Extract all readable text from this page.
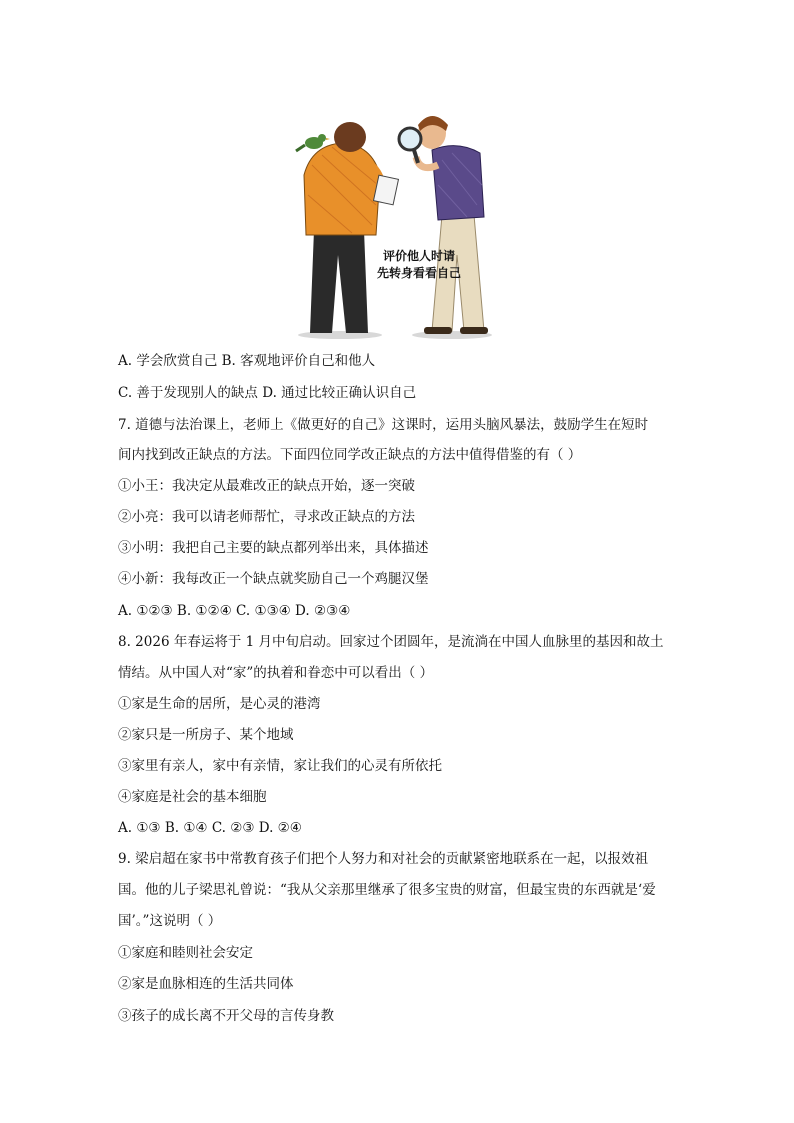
评价他人时请
先转身看看自己
A. 学会欣赏自己 B. 客观地评价自己和他人
C. 善于发现别人的缺点 D. 通过比较正确认识自己
7. 道德与法治课上，老师上《做更好的自己》这课时，运用头脑风暴法，鼓励学生在短时
间内找到改正缺点的方法。下面四位同学改正缺点的方法中值得借鉴的有（ ）
①小王：我决定从最难改正的缺点开始，逐一突破
②小亮：我可以请老师帮忙，寻求改正缺点的方法
③小明：我把自己主要的缺点都列举出来，具体描述
④小新：我每改正一个缺点就奖励自己一个鸡腿汉堡
A. ①②③ B. ①②④ C. ①③④ D. ②③④
8. 2026 年春运将于 1 月中旬启动。回家过个团圆年，是流淌在中国人血脉里的基因和故土
情结。从中国人对“家”的执着和眷恋中可以看出（ ）
①家是生命的居所，是心灵的港湾
②家只是一所房子、某个地域
③家里有亲人，家中有亲情，家让我们的心灵有所依托
④家庭是社会的基本细胞
A. ①③ B. ①④ C. ②③ D. ②④
9. 梁启超在家书中常教育孩子们把个人努力和对社会的贡献紧密地联系在一起，以报效祖
国。他的儿子梁思礼曾说：“我从父亲那里继承了很多宝贵的财富，但最宝贵的东西就是‘爱
国’。”这说明（ ）
①家庭和睦则社会安定
②家是血脉相连的生活共同体
③孩子的成长离不开父母的言传身教
